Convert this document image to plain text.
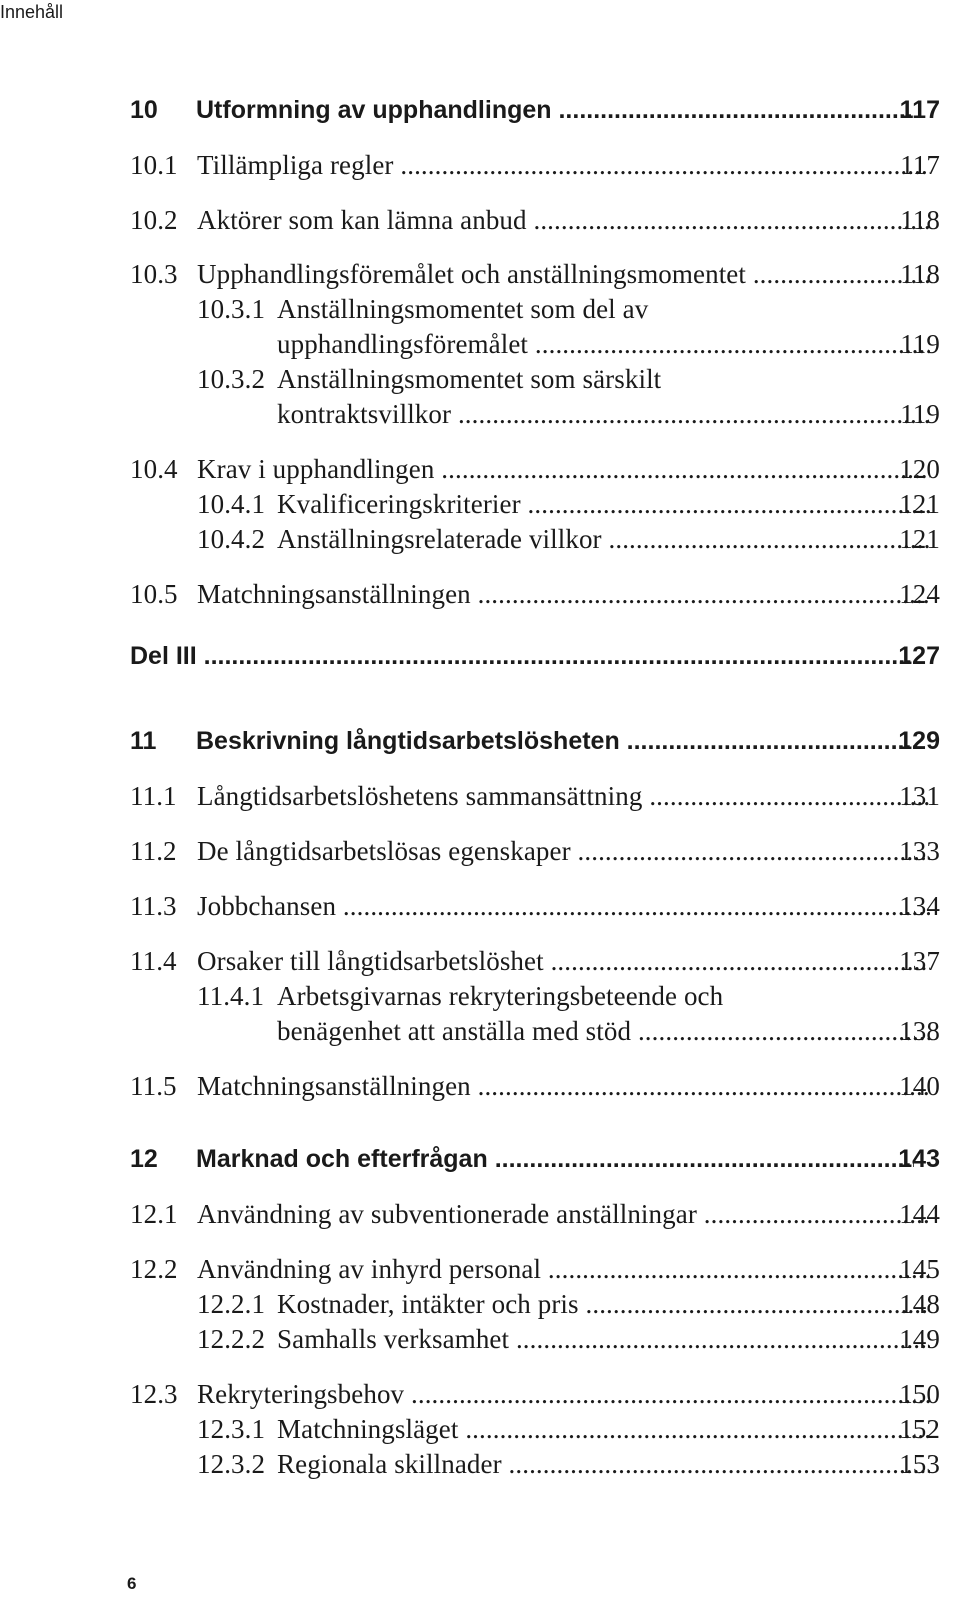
Innehåll
10 Utformning av upphandlingen .....	117
10.1 Tillämpliga regler .....	117
10.2 Aktörer som kan lämna anbud .....	118
10.3 Upphandlingsföremålet och anställningsmomentet .....	118
10.3.1 Anställningsmomentet som del av
upphandlingsföremålet .....	119
10.3.2 Anställningsmomentet som särskilt
kontraktsvillkor .....	119
10.4 Krav i upphandlingen .....	120
10.4.1 Kvalificeringskriterier .....	121
10.4.2 Anställningsrelaterade villkor .....	121
10.5 Matchningsanställningen .....	124
Del III .....	127
11 Beskrivning långtidsarbetslösheten .....	129
11.1 Långtidsarbetslöshetens sammansättning .....	131
11.2 De långtidsarbetslösas egenskaper .....	133
11.3 Jobbchansen .....	134
11.4 Orsaker till långtidsarbetslöshet .....	137
11.4.1 Arbetsgivarnas rekryteringsbeteende och
benägenhet att anställa med stöd .....	138
11.5 Matchningsanställningen .....	140
12 Marknad och efterfrågan .....	143
12.1 Användning av subventionerade anställningar .....	144
12.2 Användning av inhyrd personal .....	145
12.2.1 Kostnader, intäkter och pris .....	148
12.2.2 Samhalls verksamhet .....	149
12.3 Rekryteringsbehov .....	150
12.3.1 Matchningsläget .....	152
12.3.2 Regionala skillnader .....	153
6
